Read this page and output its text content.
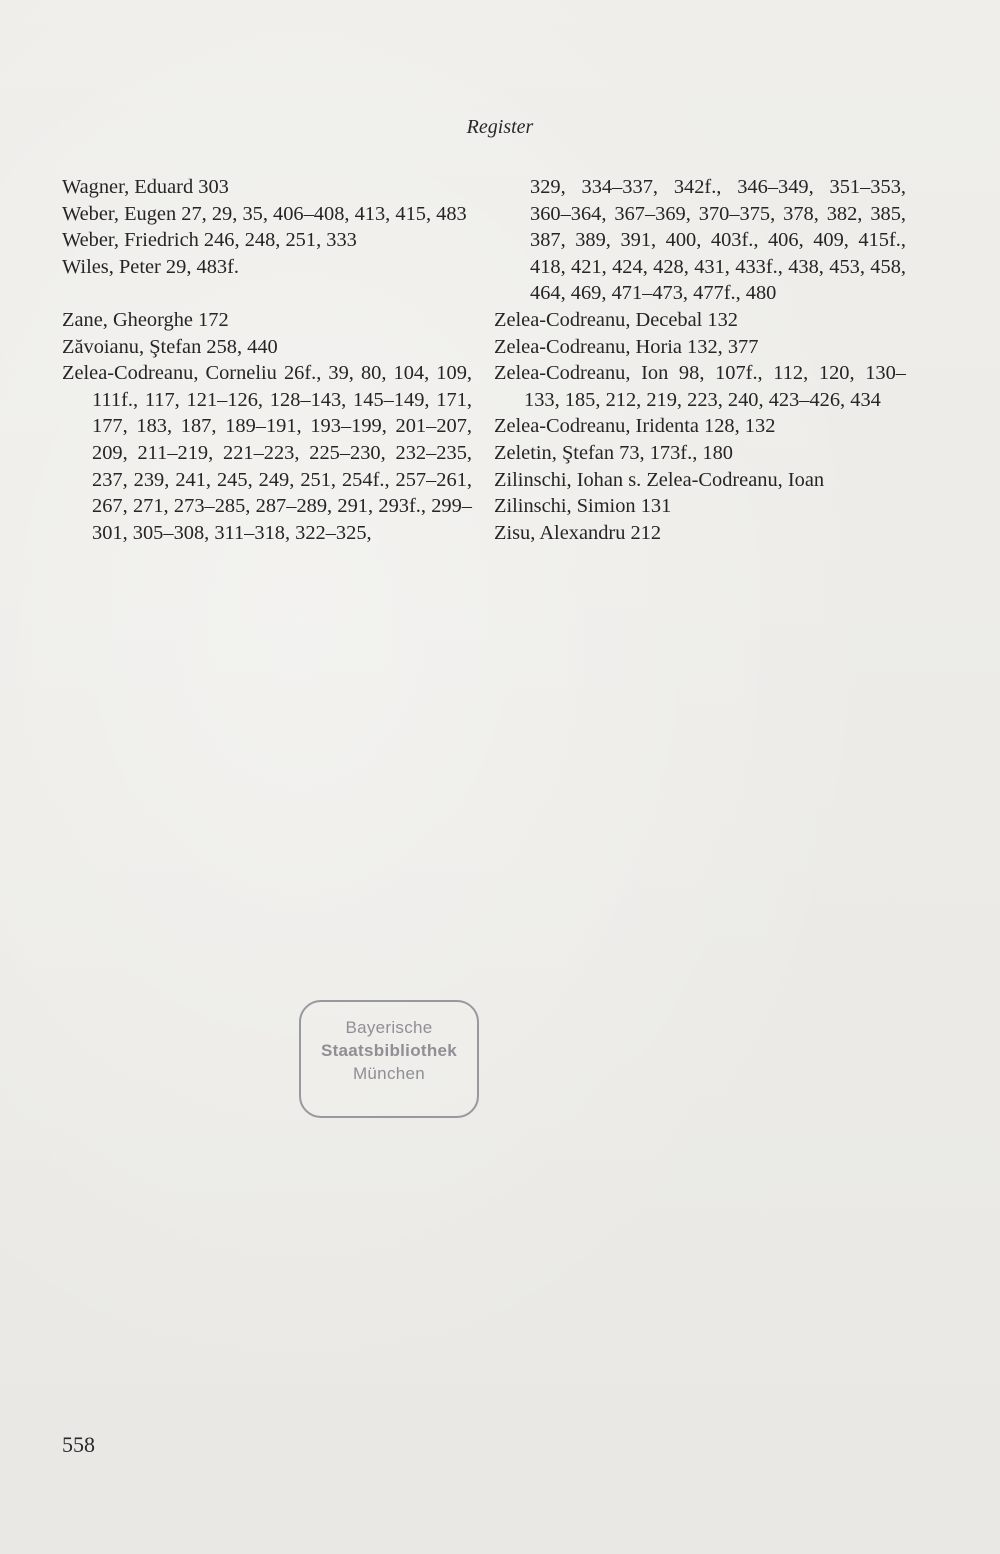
Register

Wagner, Eduard 303

Weber, Eugen 27, 29, 35, 406–408, 413, 415, 483

Weber, Friedrich 246, 248, 251, 333

Wiles, Peter 29, 483f.

Zane, Gheorghe 172

Zăvoianu, Ştefan 258, 440

Zelea-Codreanu, Corneliu 26f., 39, 80, 104, 109, 111f., 117, 121–126, 128–143, 145–149, 171, 177, 183, 187, 189–191, 193–199, 201–207, 209, 211–219, 221–223, 225–230, 232–235, 237, 239, 241, 245, 249, 251, 254f., 257–261, 267, 271, 273–285, 287–289, 291, 293f., 299–301, 305–308, 311–318, 322–325,

329, 334–337, 342f., 346–349, 351–353, 360–364, 367–369, 370–375, 378, 382, 385, 387, 389, 391, 400, 403f., 406, 409, 415f., 418, 421, 424, 428, 431, 433f., 438, 453, 458, 464, 469, 471–473, 477f., 480

Zelea-Codreanu, Decebal 132

Zelea-Codreanu, Horia 132, 377

Zelea-Codreanu, Ion 98, 107f., 112, 120, 130–133, 185, 212, 219, 223, 240, 423–426, 434

Zelea-Codreanu, Iridenta 128, 132

Zeletin, Ştefan 73, 173f., 180

Zilinschi, Iohan s. Zelea-Codreanu, Ioan

Zilinschi, Simion 131

Zisu, Alexandru 212

Bayerische
Staatsbibliothek
München
558
